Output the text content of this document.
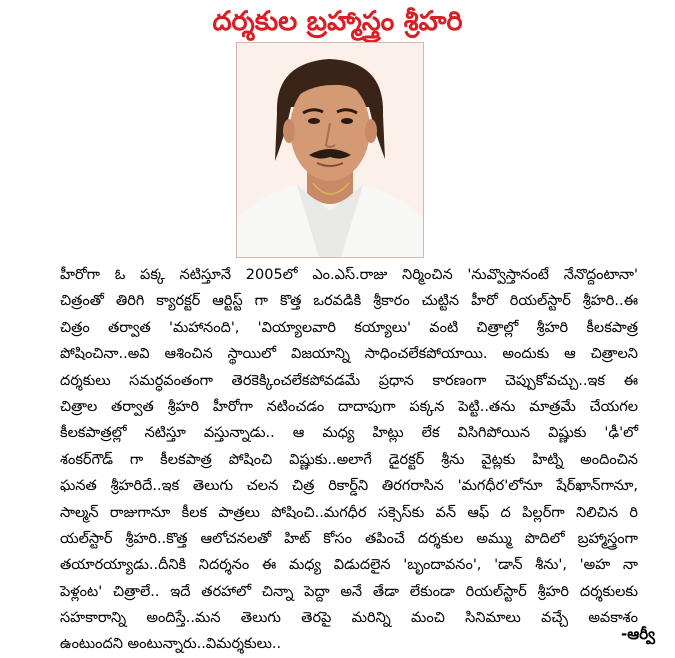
దర్శకుల బ్రహ్మాస్త్రం శ్రీహరి
హీరోగా ఓ పక్క నటిస్తూనే 2005లో ఎం.ఎస్.రాజు నిర్మించిన 'నువ్వొస్తానంటే నేనొద్దంటానా'
చిత్రంతో తిరిగి క్యారక్టర్ ఆర్టిస్ట్ గా కొత్త ఒరవడికి శ్రీకారం చుట్టిన హీరో రియల్‌స్టార్ శ్రీహరి..ఈ
చిత్రం తర్వాత 'మహానంది', 'వియ్యాలవారి కయ్యాలు' వంటి చిత్రాల్లో శ్రీహరి కీలకపాత్ర
పోషించినా..అవి ఆశించిన స్థాయిలో విజయాన్ని సాధించలేకపోయాయి. అందుకు ఆ చిత్రాలని
దర్శకులు సమర్ధవంతంగా తెరకెక్కించలేకపోవడమే ప్రధాన కారణంగా చెప్పుకోవచ్చు..ఇక ఈ
చిత్రాల తర్వాత శ్రీహరి హీరోగా నటించడం దాదాపుగా పక్కన పెట్టి..తను మాత్రమే చేయగల
కీలకపాత్రల్లో నటిస్తూ వస్తున్నాడు.. ఆ మధ్య హిట్లు లేక విసిగిపోయిన విష్ణుకు 'ఢీ'లో
శంకర్‌గౌడ్ గా కీలకపాత్ర పోషించి విష్ణుకు..అలాగే డైరక్టర్ శ్రీను వైట్లకు హిట్ని అందించిన
ఘనత శ్రీహరిదే..ఇక తెలుగు చలన చిత్ర రికార్డ్‌ని తిరగరాసిన 'మగధీర'లోనూ షేర్‌ఖాన్‌గానూ,
సాల్మన్ రాజుగానూ కీలక పాత్రలు పోషించి..మగధీర సక్సెస్‌కు వన్ ఆఫ్ ద పిల్లర్‌గా నిలిచిన రి
యల్‌స్టార్ శ్రీహరి..కొత్త ఆలోచనలతో హిట్ కోసం తపించే దర్శకుల అమ్ము పొదిలో బ్రహ్మాస్త్రంగా
తయారయ్యాడు..దీనికి నిదర్శనం ఈ మధ్య విడుదలైన 'బృందావనం', 'డాన్ శీను', 'అహ నా
పెళ్లంట' చిత్రాలే.. ఇదే తరహాలో చిన్నా పెద్దా అనే తేడా లేకుండా రియల్‌స్టార్ శ్రీహరి దర్శకులకు
సహకారాన్ని అందిస్తే..మన తెలుగు తెరపై మరిన్ని మంచి సినిమాలు వచ్చే అవకాశం
ఉంటుందని అంటున్నారు..విమర్శకులు..
-ఆర్వీ
